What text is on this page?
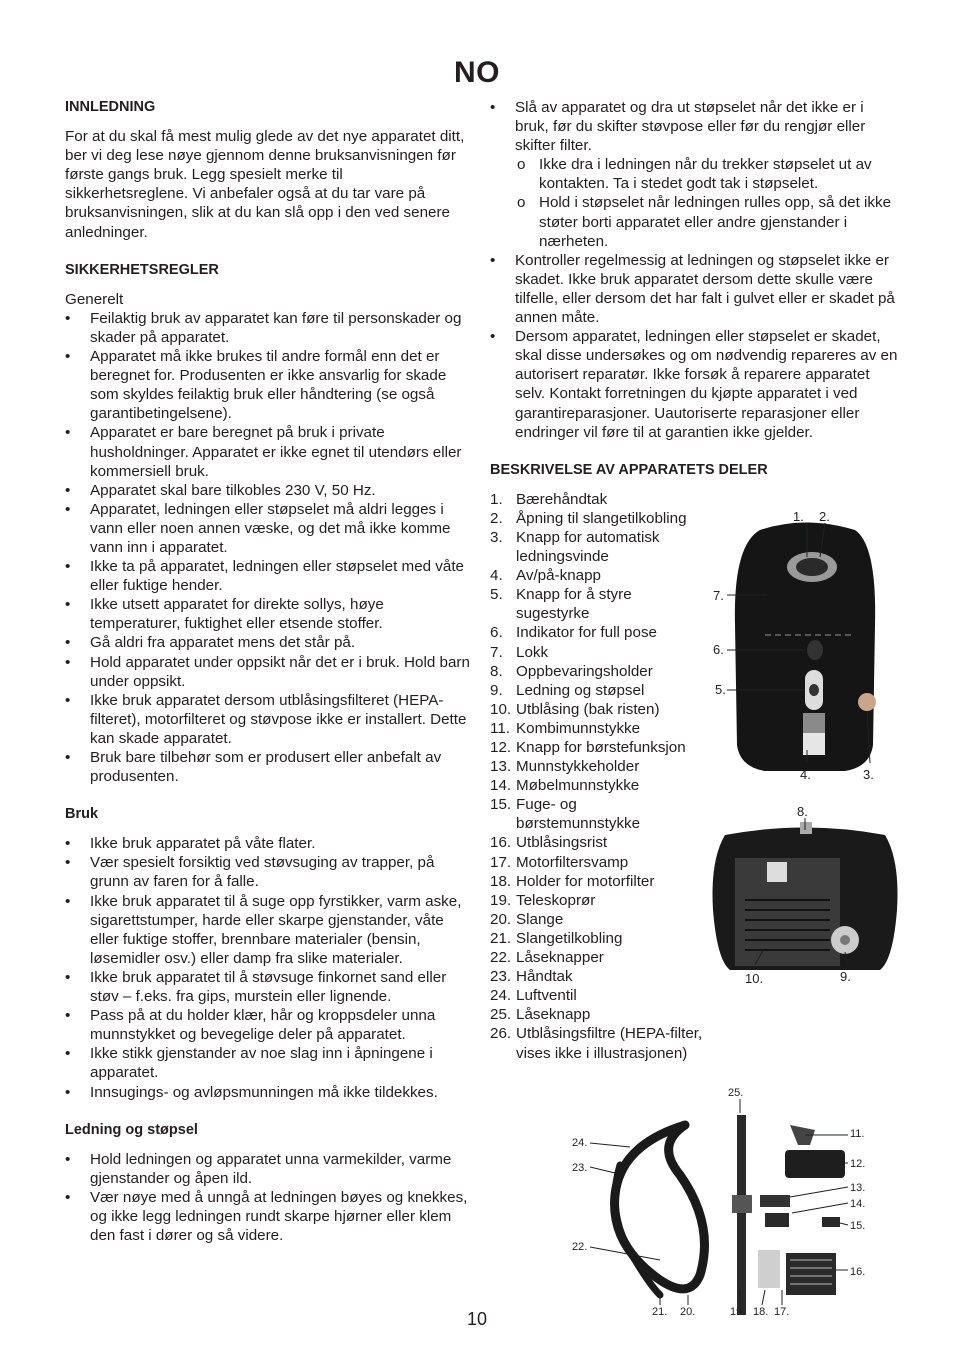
NO

INNLEDNING

For at du skal få mest mulig glede av det nye apparatet ditt, ber vi deg lese nøye gjennom denne bruksanvisningen før første gangs bruk. Legg spesielt merke til sikkerhetsreglene. Vi anbefaler også at du tar vare på bruksanvisningen, slik at du kan slå opp i den ved senere anledninger.

SIKKERHETSREGLER

Generelt

• Feilaktig bruk av apparatet kan føre til personskader og skader på apparatet.
• Apparatet må ikke brukes til andre formål enn det er beregnet for. Produsenten er ikke ansvarlig for skade som skyldes feilaktig bruk eller håndtering (se også garantibetingelsene).
• Apparatet er bare beregnet på bruk i private husholdninger. Apparatet er ikke egnet til utendørs eller kommersiell bruk.
• Apparatet skal bare tilkobles 230 V, 50 Hz.
• Apparatet, ledningen eller støpselet må aldri legges i vann eller noen annen væske, og det må ikke komme vann inn i apparatet.
• Ikke ta på apparatet, ledningen eller støpselet med våte eller fuktige hender.
• Ikke utsett apparatet for direkte sollys, høye temperaturer, fuktighet eller etsende stoffer.
• Gå aldri fra apparatet mens det står på.
• Hold apparatet under oppsikt når det er i bruk. Hold barn under oppsikt.
• Ikke bruk apparatet dersom utblåsingsfilteret (HEPA-filteret), motorfilteret og støvpose ikke er installert. Dette kan skade apparatet.
• Bruk bare tilbehør som er produsert eller anbefalt av produsenten.

Bruk

• Ikke bruk apparatet på våte flater.
• Vær spesielt forsiktig ved støvsuging av trapper, på grunn av faren for å falle.
• Ikke bruk apparatet til å suge opp fyrstikker, varm aske, sigarettstumper, harde eller skarpe gjenstander, våte eller fuktige stoffer, brennbare materialer (bensin, løsemidler osv.) eller damp fra slike materialer.
• Ikke bruk apparatet til å støvsuge finkornet sand eller støv – f.eks. fra gips, murstein eller lignende.
• Pass på at du holder klær, hår og kroppsdeler unna munnstykket og bevegelige deler på apparatet.
• Ikke stikk gjenstander av noe slag inn i åpningene i apparatet.
• Innsugings- og avløpsmunningen må ikke tildekkes.

Ledning og støpsel

• Hold ledningen og apparatet unna varmekilder, varme gjenstander og åpen ild.
• Vær nøye med å unngå at ledningen bøyes og knekkes, og ikke legg ledningen rundt skarpe hjørner eller klem den fast i dører og så videre.
• Slå av apparatet og dra ut støpselet når det ikke er i bruk, før du skifter støvpose eller før du rengjør eller skifter filter.
o Ikke dra i ledningen når du trekker støpselet ut av kontakten. Ta i stedet godt tak i støpselet.
o Hold i støpselet når ledningen rulles opp, så det ikke støter borti apparatet eller andre gjenstander i nærheten.
• Kontroller regelmessig at ledningen og støpselet ikke er skadet. Ikke bruk apparatet dersom dette skulle være tilfelle, eller dersom det har falt i gulvet eller er skadet på annen måte.
• Dersom apparatet, ledningen eller støpselet er skadet, skal disse undersøkes og om nødvendig repareres av en autorisert reparatør. Ikke forsøk å reparere apparatet selv. Kontakt forretningen du kjøpte apparatet i ved garantireparasjoner. Uautoriserte reparasjoner eller endringer vil føre til at garantien ikke gjelder.

BESKRIVELSE AV APPARATETS DELER

1. Bærehåndtak
2. Åpning til slangetilkobling
3. Knapp for automatisk ledningsvinde
4. Av/på-knapp
5. Knapp for å styre sugestyrke
6. Indikator for full pose
7. Lokk
8. Oppbevaringsholder
9. Ledning og støpsel
10. Utblåsing (bak risten)
11. Kombimunnstykke
12. Knapp for børstefunksjon
13. Munnstykkeholder
14. Møbelmunnstykke
15. Fuge- og børstemunnstykke
16. Utblåsingsrist
17. Motorfiltersvamp
18. Holder for motorfilter
19. Teleskoprør
20. Slange
21. Slangetilkobling
22. Låseknapper
23. Håndtak
24. Luftventil
25. Låseknapp
26. Utblåsingsfiltre (HEPA-filter, vises ikke i illustrasjonen)
1. 2.
7.
6.
5.
4.	3.
8.
10.	9.
25.
11.
24.
23.	12.
13.
14.
15.
22.
16.
21. 20.	19. 18. 17.
10
